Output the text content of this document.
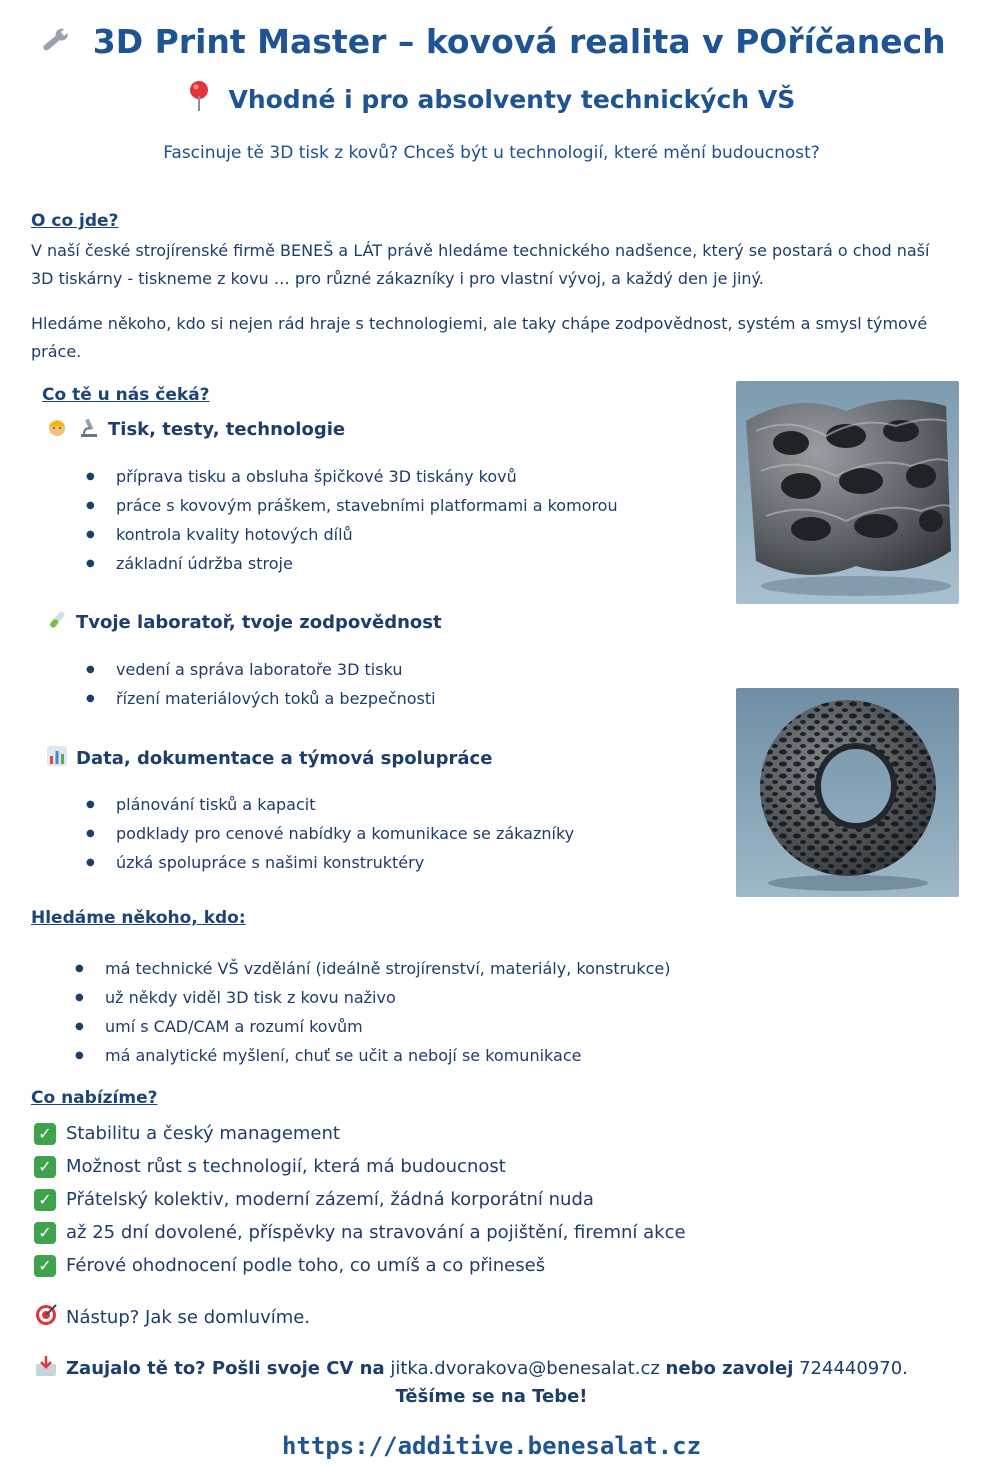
3D Print Master – kovová realita v POříčanech
Vhodné i pro absolventy technických VŠ
Fascinuje tě 3D tisk z kovů? Chceš být u technologií, které mění budoucnost?
O co jde?
V naší české strojírenské firmě BENEŠ a LÁT právě hledáme technického nadšence, který se postará o chod naší 3D tiskárny - tiskneme z kovu … pro různé zákazníky i pro vlastní vývoj, a každý den je jiný.
Hledáme někoho, kdo si nejen rád hraje s technologiemi, ale taky chápe zodpovědnost, systém a smysl týmové práce.
Co tě u nás čeká?
Tisk, testy, technologie
● příprava tisku a obsluha špičkové 3D tiskány kovů
● práce s kovovým práškem, stavebními platformami a komorou
● kontrola kvality hotových dílů
● základní údržba stroje
Tvoje laboratoř, tvoje zodpovědnost
● vedení a správa laboratoře 3D tisku
● řízení materiálových toků a bezpečnosti
Data, dokumentace a týmová spolupráce
● plánování tisků a kapacit
● podklady pro cenové nabídky a komunikace se zákazníky
● úzká spolupráce s našimi konstruktéry
Hledáme někoho, kdo:
● má technické VŠ vzdělání (ideálně strojírenství, materiály, konstrukce)
● už někdy viděl 3D tisk z kovu naživo
● umí s CAD/CAM a rozumí kovům
● má analytické myšlení, chuť se učit a nebojí se komunikace
Co nabízíme?
✓ Stabilitu a český management
✓ Možnost růst s technologií, která má budoucnost
✓ Přátelský kolektiv, moderní zázemí, žádná korporátní nuda
✓ až 25 dní dovolené, příspěvky na stravování a pojištění, firemní akce
✓ Férové ohodnocení podle toho, co umíš a co přineseš
Nástup? Jak se domluvíme.
Zaujalo tě to? Pošli svoje CV na
jitka.dvorakova@benesalat.cz
nebo zavolej
724440970.
Těšíme se na Tebe!
https://additive.benesalat.cz
